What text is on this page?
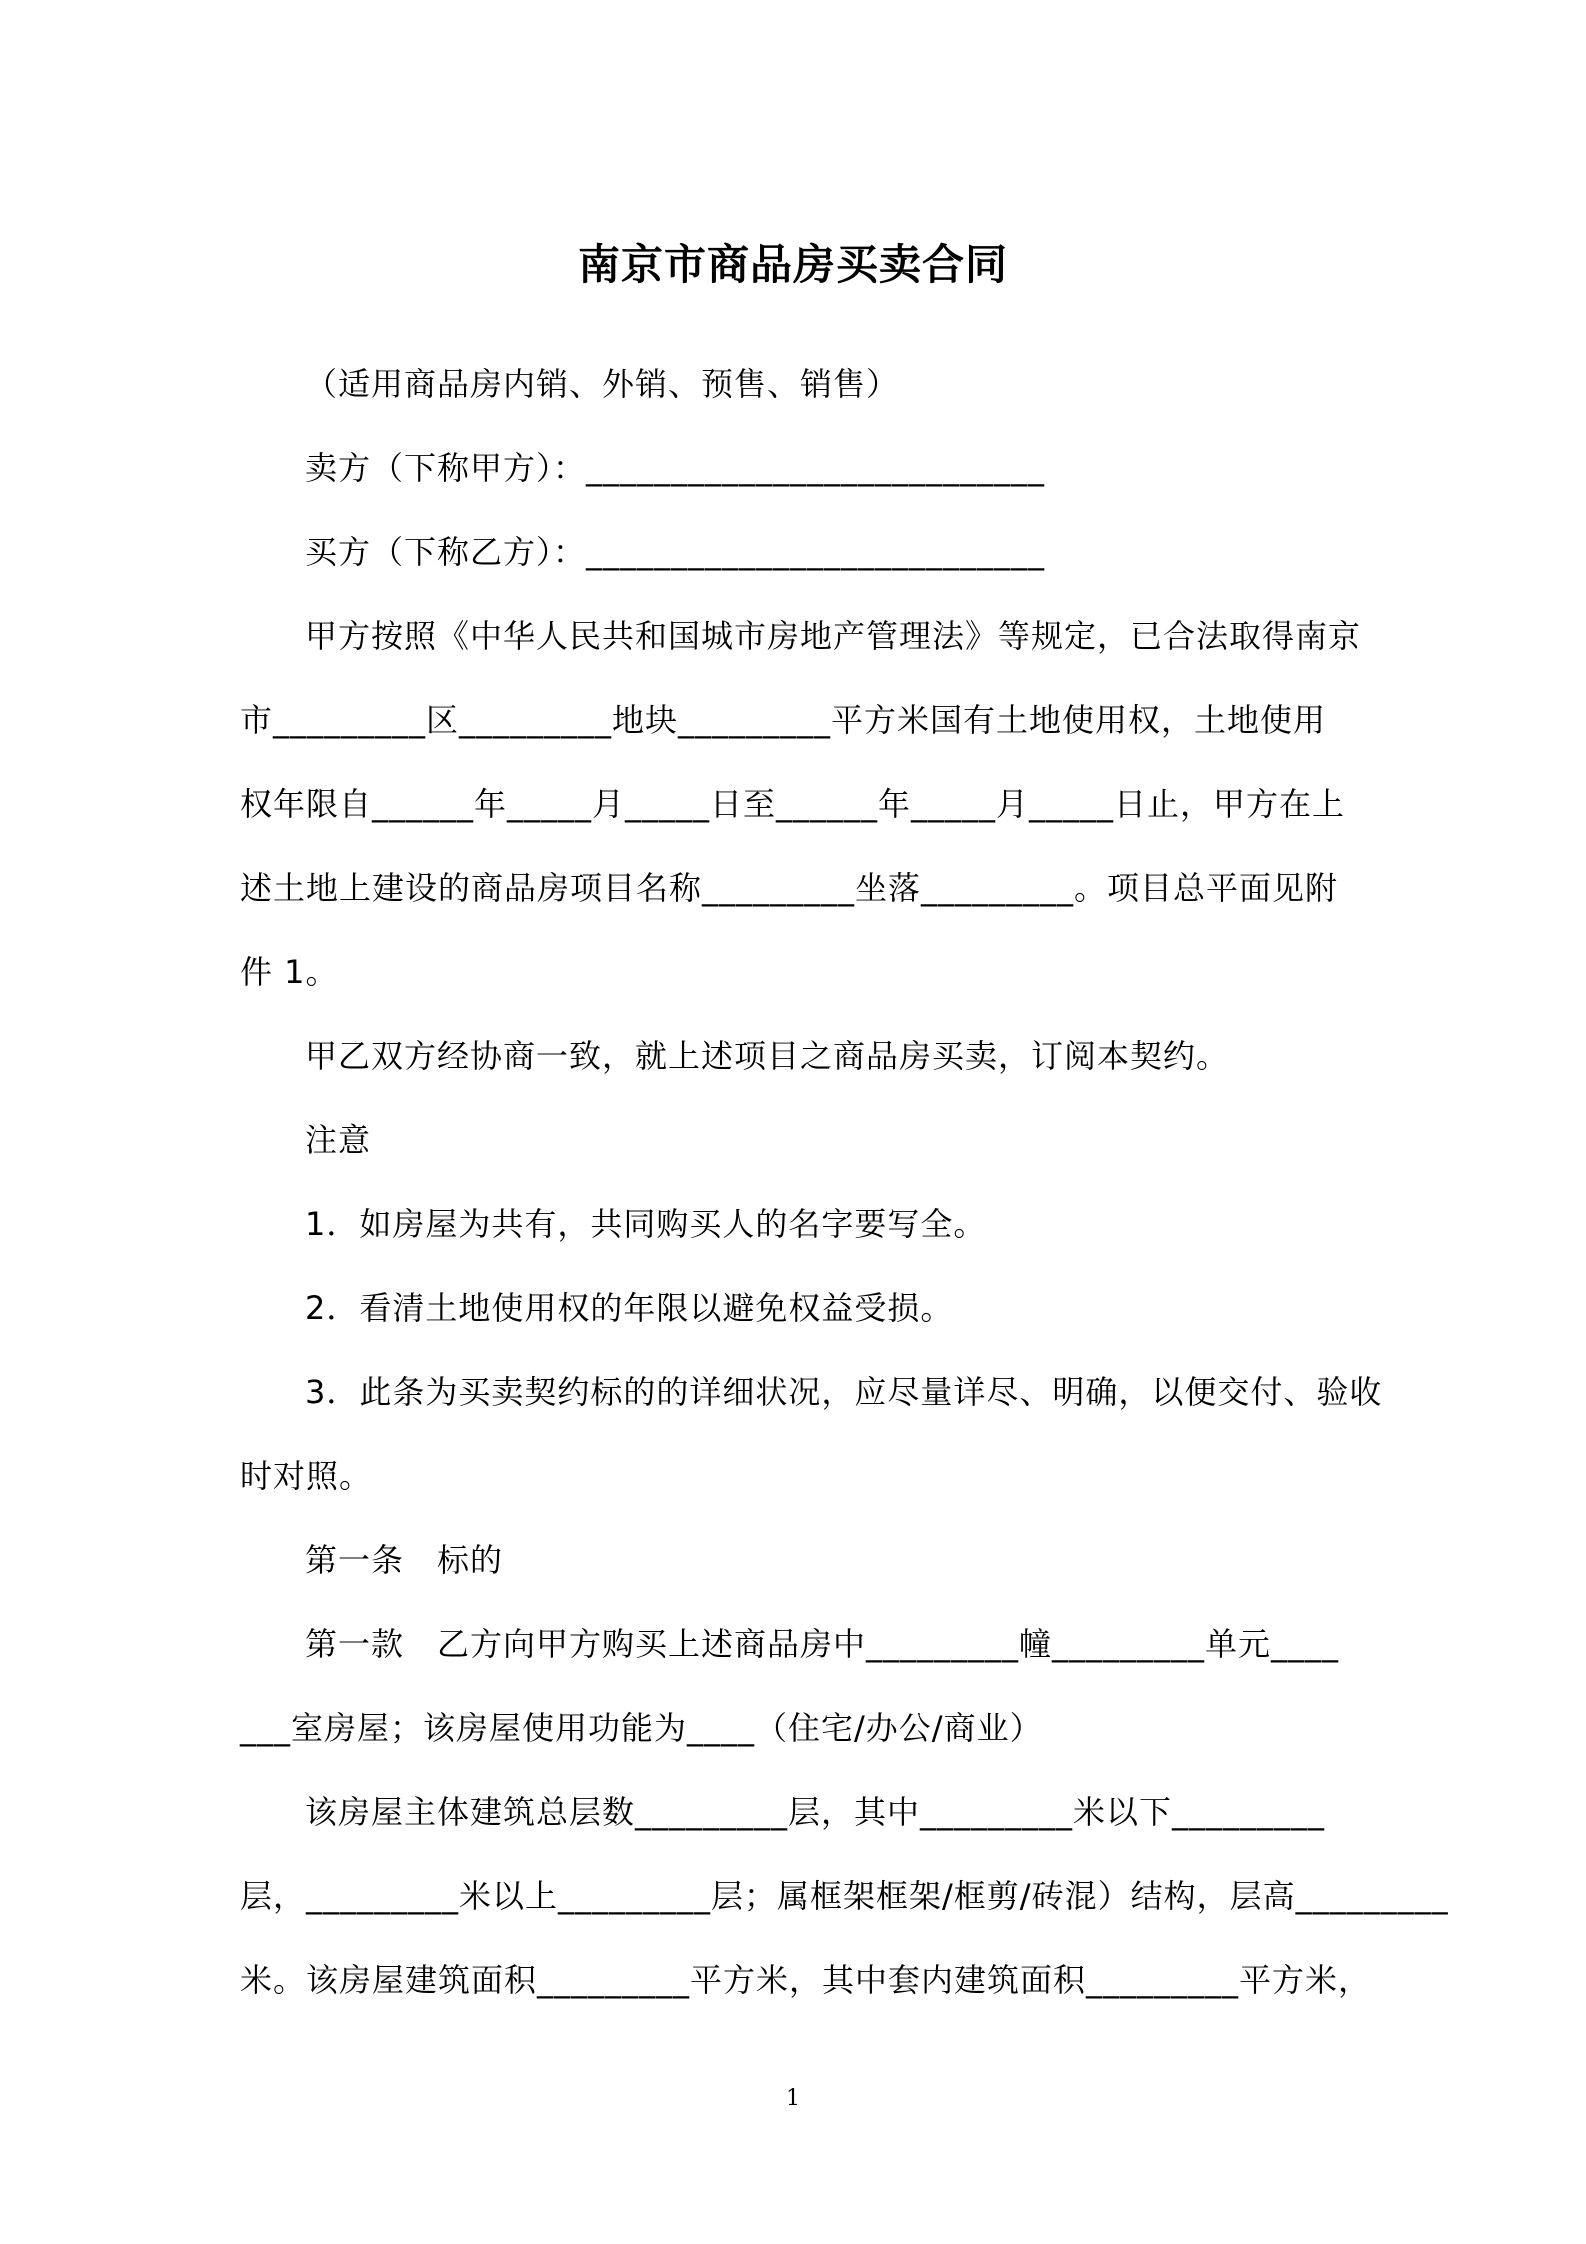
南京市商品房买卖合同
（适用商品房内销、外销、预售、销售）
卖方（下称甲方）：___________________________
买方（下称乙方）：___________________________
甲方按照《中华人民共和国城市房地产管理法》等规定，已合法取得南京
市_________区_________地块_________平方米国有土地使用权，土地使用
权年限自______年_____月_____日至______年_____月_____日止，甲方在上
述土地上建设的商品房项目名称_________坐落_________。项目总平面见附
件 1。
甲乙双方经协商一致，就上述项目之商品房买卖，订阅本契约。
注意
1．如房屋为共有，共同购买人的名字要写全。
2．看清土地使用权的年限以避免权益受损。
3．此条为买卖契约标的的详细状况，应尽量详尽、明确，以便交付、验收
时对照。
第一条　标的
第一款　乙方向甲方购买上述商品房中_________幢_________单元____
___室房屋；该房屋使用功能为____（住宅/办公/商业）
该房屋主体建筑总层数_________层，其中_________米以下_________
层，_________米以上_________层；属框架框架/框剪/砖混）结构，层高_________
米。该房屋建筑面积_________平方米，其中套内建筑面积_________平方米，
1
